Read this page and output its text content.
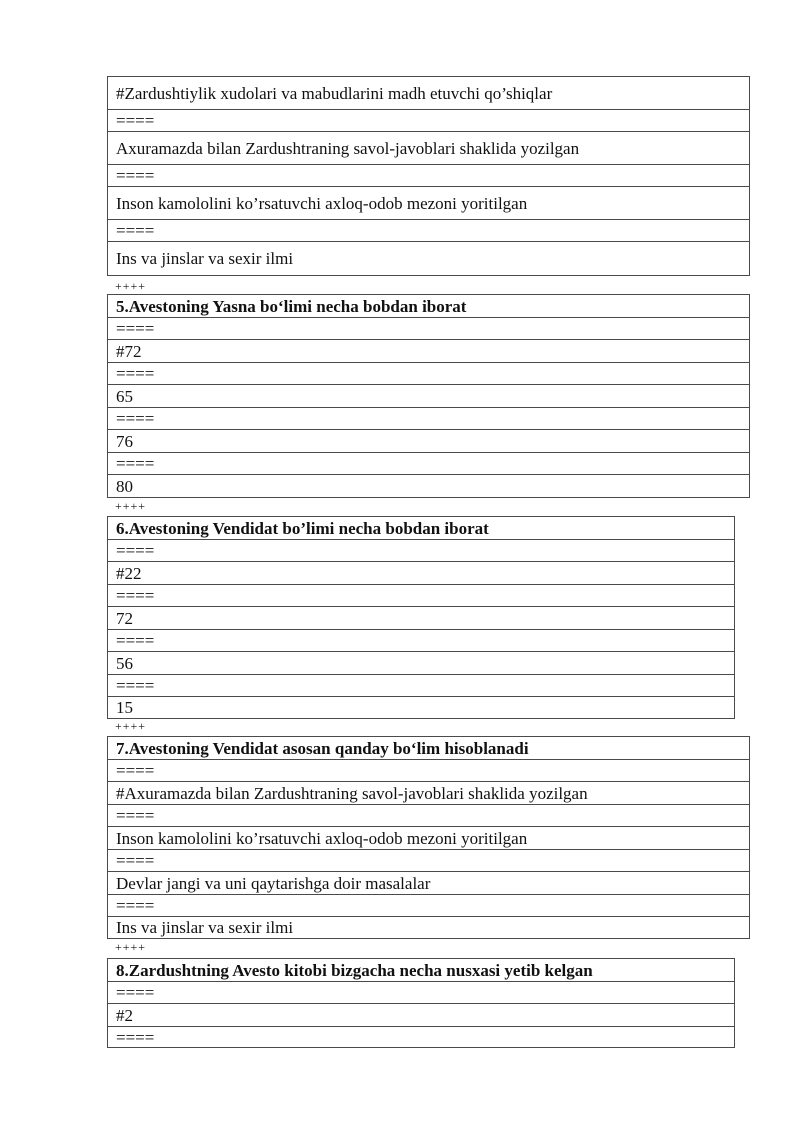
#Zardushtiylik xudolari va mabudlarini madh etuvchi qo’shiqlar
====
Axuramazda bilan Zardushtraning savol-javoblari shaklida yozilgan
====
Inson kamololini ko’rsatuvchi axloq-odob mezoni yoritilgan
====
Ins va jinslar va sexir ilmi
++++
5.Avestoning Yasna bo‘limi necha bobdan iborat
====
#72
====
65
====
76
====
80
++++
6.Avestoning Vendidat bo’limi necha bobdan iborat
====
#22
====
72
====
56
====
15
++++
7.Avestoning Vendidat asosan qanday bo‘lim hisoblanadi
====
#Axuramazda bilan Zardushtraning savol-javoblari shaklida yozilgan
====
Inson kamololini ko’rsatuvchi axloq-odob mezoni yoritilgan
====
Devlar jangi va uni qaytarishga doir masalalar
====
Ins va jinslar va sexir ilmi
++++
8.Zardushtning Avesto kitobi bizgacha necha nusxasi yetib kelgan
====
#2
====
